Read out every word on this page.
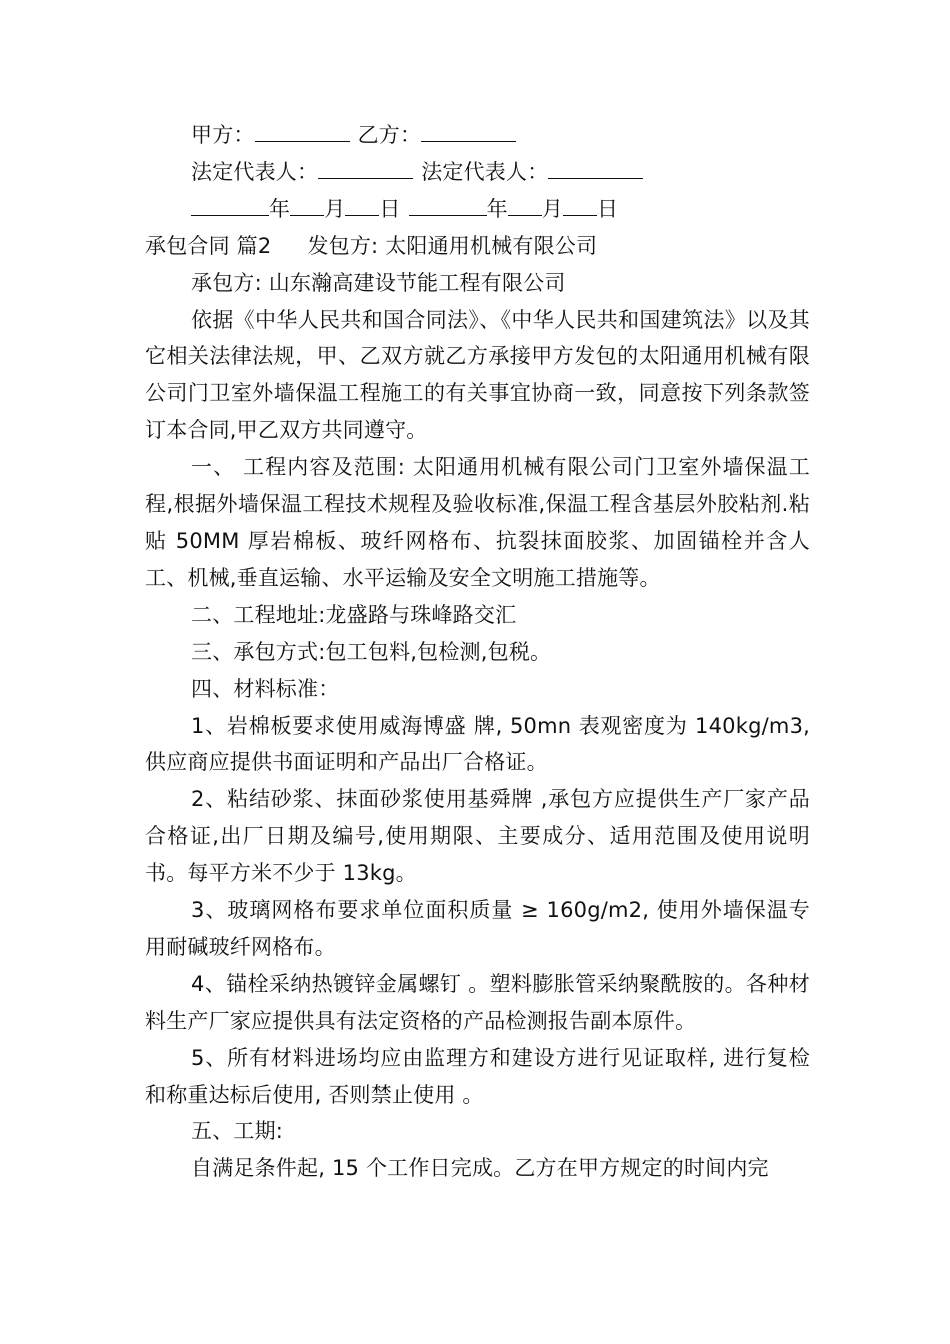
甲方：	乙方：

法定代表人：	法定代表人：

年 月 日	年 月 日

承包合同 篇2 发包方: 太阳通用机械有限公司

承包方: 山东瀚高建设节能工程有限公司

依据《中华人民共和国合同法》、《中华人民共和国建筑法》以及其它相关法律法规，甲、乙双方就乙方承接甲方发包的太阳通用机械有限公司门卫室外墙保温工程施工的有关事宜协商一致，同意按下列条款签订本合同,甲乙双方共同遵守。

一、 工程内容及范围: 太阳通用机械有限公司门卫室外墙保温工程,根据外墙保温工程技术规程及验收标准,保温工程含基层外胶粘剂.粘贴 50MM 厚岩棉板、玻纤网格布、抗裂抹面胶浆、加固锚栓并含人工、机械,垂直运输、水平运输及安全文明施工措施等。

二、工程地址:龙盛路与珠峰路交汇

三、承包方式:包工包料,包检测,包税。

四、材料标准：

1、岩棉板要求使用威海博盛 牌, 50mn 表观密度为 140kg/m3,供应商应提供书面证明和产品出厂合格证。

2、粘结砂浆、抹面砂浆使用基舜牌 ,承包方应提供生产厂家产品合格证,出厂日期及编号,使用期限、主要成分、适用范围及使用说明书。每平方米不少于 13kg。

3、玻璃网格布要求单位面积质量 ≥ 160g/m2, 使用外墙保温专用耐碱玻纤网格布。

4、锚栓采纳热镀锌金属螺钉 。塑料膨胀管采纳聚酰胺的。各种材料生产厂家应提供具有法定资格的产品检测报告副本原件。

5、所有材料进场均应由监理方和建设方进行见证取样, 进行复检和称重达标后使用, 否则禁止使用 。

五、工期:

自满足条件起, 15 个工作日完成。乙方在甲方规定的时间内完
